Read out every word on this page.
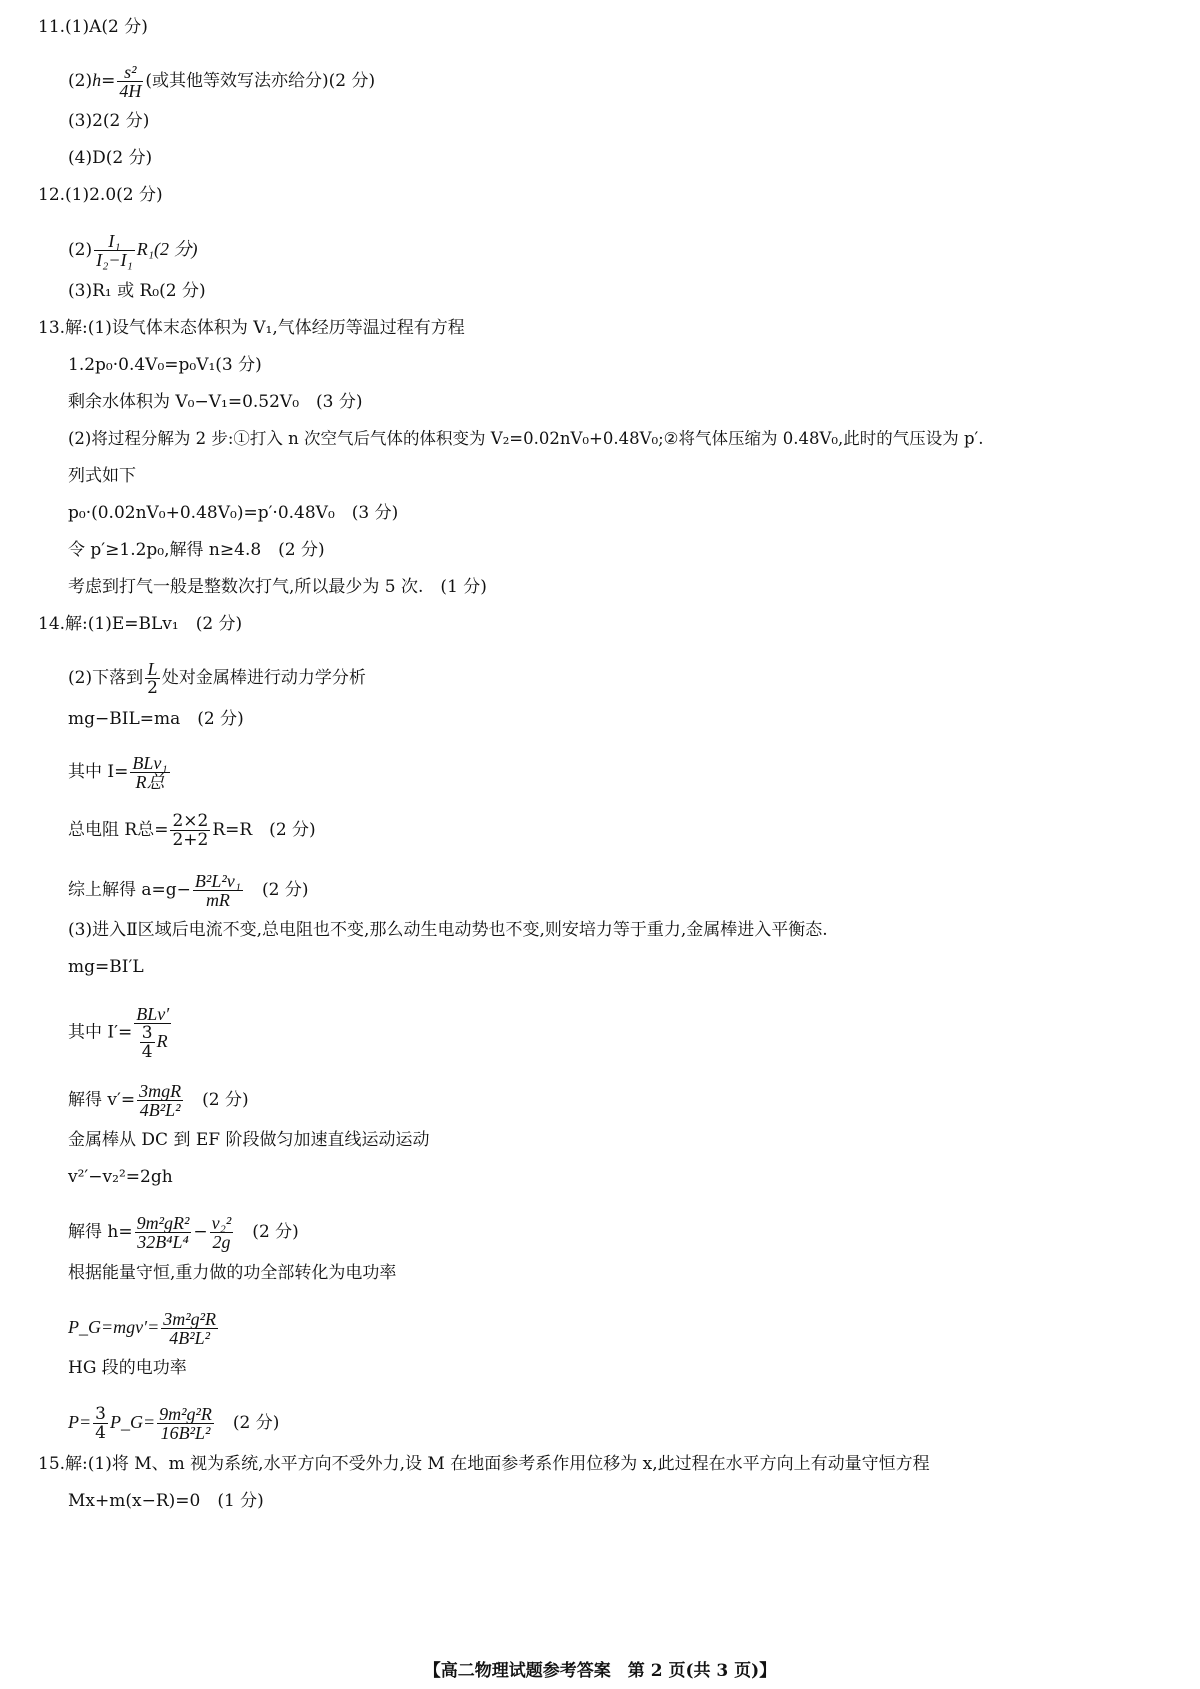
11.(1)A(2 分)
$(2)h= \frac{\text{s²}}{4H}$ (或其他等效写法亦给分)(2 分)
(3)2(2 分)
(4)D(2 分)
12.(1)2.0(2 分)
$(2) \frac{\text{I₁}}{\text{I₂−I₁}} R_1(2$ 分)
(3)R₁ 或 R₀(2 分)
13.解:(1)设气体末态体积为 V₁,气体经历等温过程有方程
1.2p₀·0.4V₀=p₀V₁(3 分)
剩余水体积为 V₀−V₁=0.52V₀　(3 分)
(2)将过程分解为 2 步:①打入 n 次空气后气体的体积变为 V₂=0.02nV₀+0.48V₀;②将气体压缩为 0.48V₀,此时的气压设为 p′.
列式如下
p₀·(0.02nV₀+0.48V₀)=p′·0.48V₀　(3 分)
令 p′≥1.2p₀,解得 n≥4.8　(2 分)
考虑到打气一般是整数次打气,所以最少为 5 次.　(1 分)
14.解:(1)E=BLv₁　(2 分)
(2)下落到 $\frac{L}{2}$ 处对金属棒进行动力学分析
mg−BIL=ma　(2 分)
其中 $I= \frac{\text{BLv₁}}{\text{R总}}$
总电阻 R总= $\frac{2\times 2}{2+2} R=R$　(2 分)
综上解得 $a=g- \frac{\text{B²L²v₁}}{mR}$ 　(2 分)
(3)进入Ⅱ区域后电流不变,总电阻也不变,那么动生电动势也不变,则安培力等于重力,金属棒进入平衡态.
mg=BI′L
其中 $I'= \frac{\text{BLv′}}{\frac{3}{4} R}$
解得 $v'= \frac{\text{3mgR}}{\text{4B²L²}}$ 　(2 分)
金属棒从 DC 到 EF 阶段做匀加速直线运动运动
v²′−v₂²=2gh
解得 $h= \frac{\text{9m²gR²}}{\text{32B⁴L⁴}} - \frac{\text{v₂²}}{2g}$ 　(2 分)
根据能量守恒,重力做的功全部转化为电功率
P_G=mgv′= $\frac{\text{3m²g²R}}{\text{4B²L²}}$
HG 段的电功率
$P= \frac{3}{4}$ P_G= $\frac{\text{9m²g²R}}{\text{16B²L²}}$ 　(2 分)
15.解:(1)将 M、m 视为系统,水平方向不受外力,设 M 在地面参考系作用位移为 x,此过程在水平方向上有动量守恒方程
Mx+m(x−R)=0　(1 分)
【高二物理试题参考答案　第 2 页(共 3 页)】
